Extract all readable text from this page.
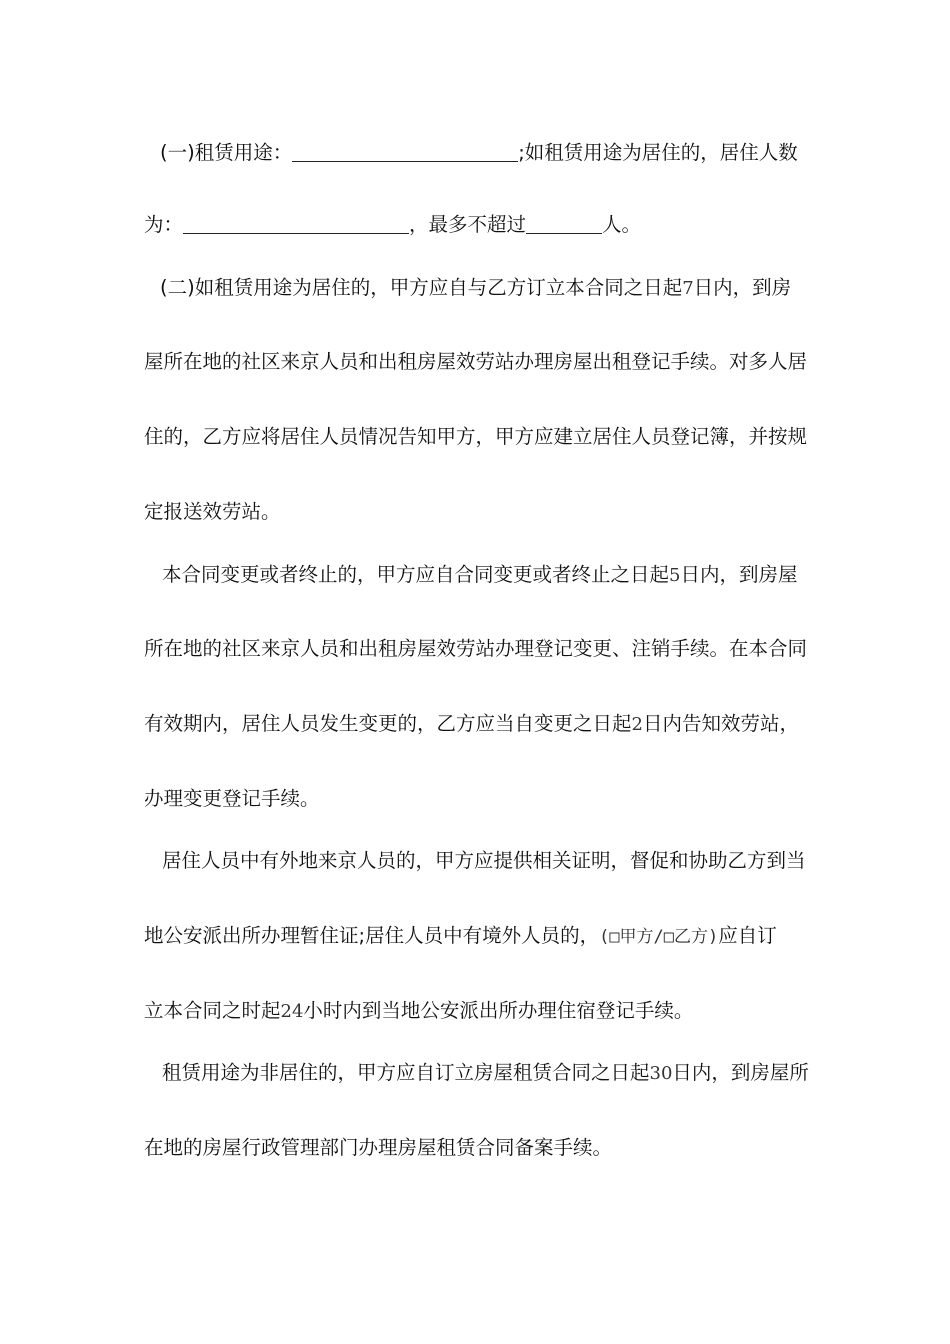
(一)租赁用途：	;如租赁用途为居住的，居住人数
为：	，最多不超过	人。
(二)如租赁用途为居住的，甲方应自与乙方订立本合同之日起7日内，到房
屋所在地的社区来京人员和出租房屋效劳站办理房屋出租登记手续。对多人居
住的，乙方应将居住人员情况告知甲方，甲方应建立居住人员登记簿，并按规
定报送效劳站。
本合同变更或者终止的，甲方应自合同变更或者终止之日起5日内，到房屋
所在地的社区来京人员和出租房屋效劳站办理登记变更、注销手续。在本合同
有效期内，居住人员发生变更的，乙方应当自变更之日起2日内告知效劳站，
办理变更登记手续。
居住人员中有外地来京人员的，甲方应提供相关证明，督促和协助乙方到当
地公安派出所办理暂住证;居住人员中有境外人员的，(□甲方/□乙方)应自订
立本合同之时起24小时内到当地公安派出所办理住宿登记手续。
租赁用途为非居住的，甲方应自订立房屋租赁合同之日起30日内，到房屋所
在地的房屋行政管理部门办理房屋租赁合同备案手续。
